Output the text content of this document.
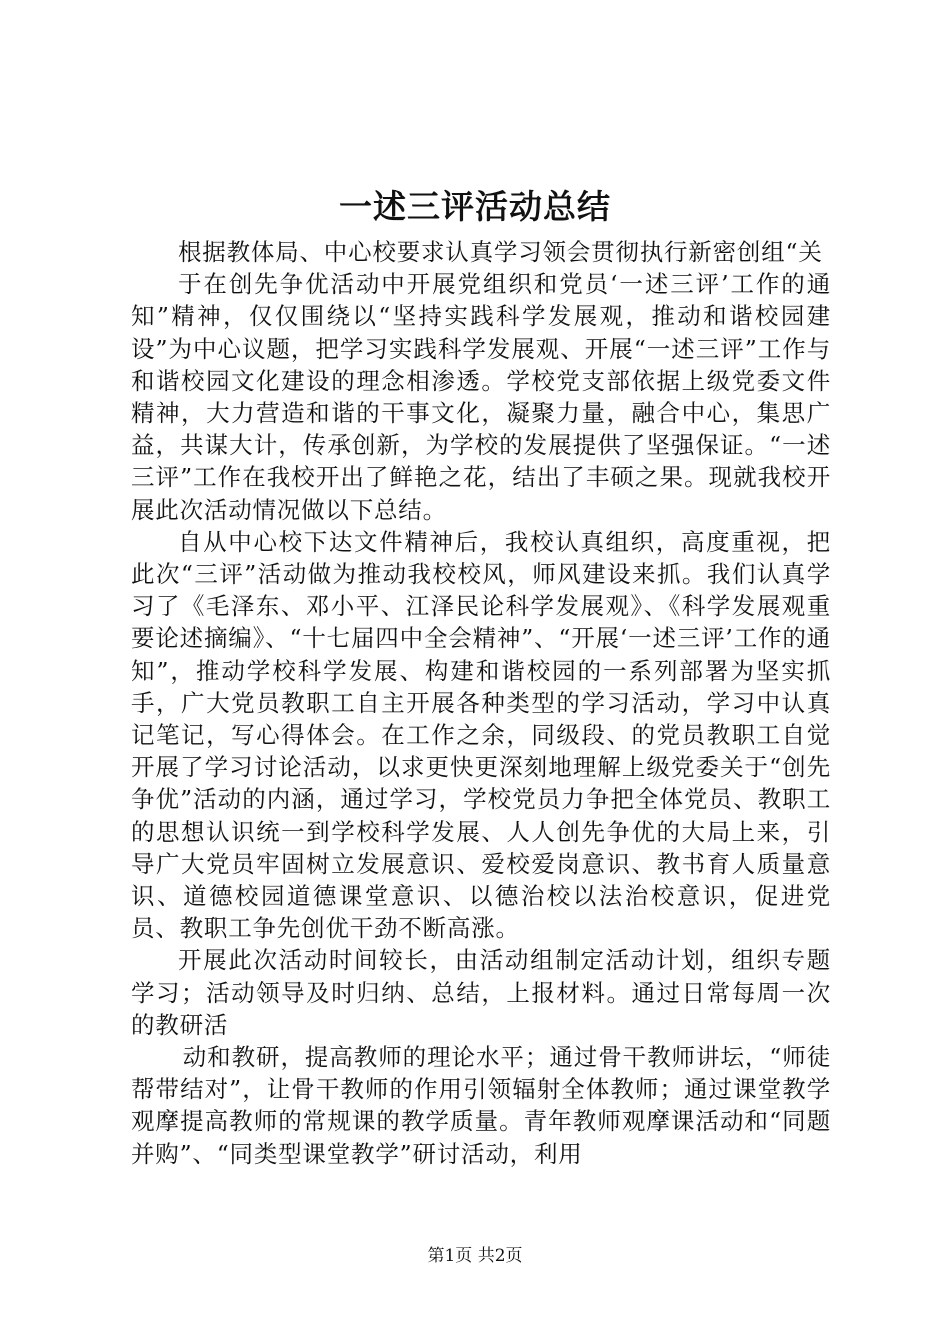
一述三评活动总结

根据教体局、中心校要求认真学习领会贯彻执行新密创组“关

于在创先争优活动中开展党组织和党员‘一述三评’工作的通知”精神，仅仅围绕以“坚持实践科学发展观，推动和谐校园建设”为中心议题，把学习实践科学发展观、开展“一述三评”工作与和谐校园文化建设的理念相渗透。学校党支部依据上级党委文件精神，大力营造和谐的干事文化，凝聚力量，融合中心，集思广益，共谋大计，传承创新，为学校的发展提供了坚强保证。“一述三评”工作在我校开出了鲜艳之花，结出了丰硕之果。现就我校开展此次活动情况做以下总结。

自从中心校下达文件精神后，我校认真组织，高度重视，把此次“三评”活动做为推动我校校风，师风建设来抓。我们认真学习了《毛泽东、邓小平、江泽民论科学发展观》、《科学发展观重要论述摘编》、“十七届四中全会精神”、“开展‘一述三评’工作的通知”，推动学校科学发展、构建和谐校园的一系列部署为坚实抓手，广大党员教职工自主开展各种类型的学习活动，学习中认真记笔记，写心得体会。在工作之余，同级段、的党员教职工自觉开展了学习讨论活动，以求更快更深刻地理解上级党委关于“创先争优”活动的内涵，通过学习，学校党员力争把全体党员、教职工的思想认识统一到学校科学发展、人人创先争优的大局上来，引导广大党员牢固树立发展意识、爱校爱岗意识、教书育人质量意识、道德校园道德课堂意识、以德治校以法治校意识，促进党员、教职工争先创优干劲不断高涨。

开展此次活动时间较长，由活动组制定活动计划，组织专题学习；活动领导及时归纳、总结，上报材料。通过日常每周一次的教研活

动和教研，提高教师的理论水平；通过骨干教师讲坛，“师徒帮带结对”，让骨干教师的作用引领辐射全体教师；通过课堂教学观摩提高教师的常规课的教学质量。青年教师观摩课活动和“同题并购”、“同类型课堂教学”研讨活动，利用

第1页 共2页
